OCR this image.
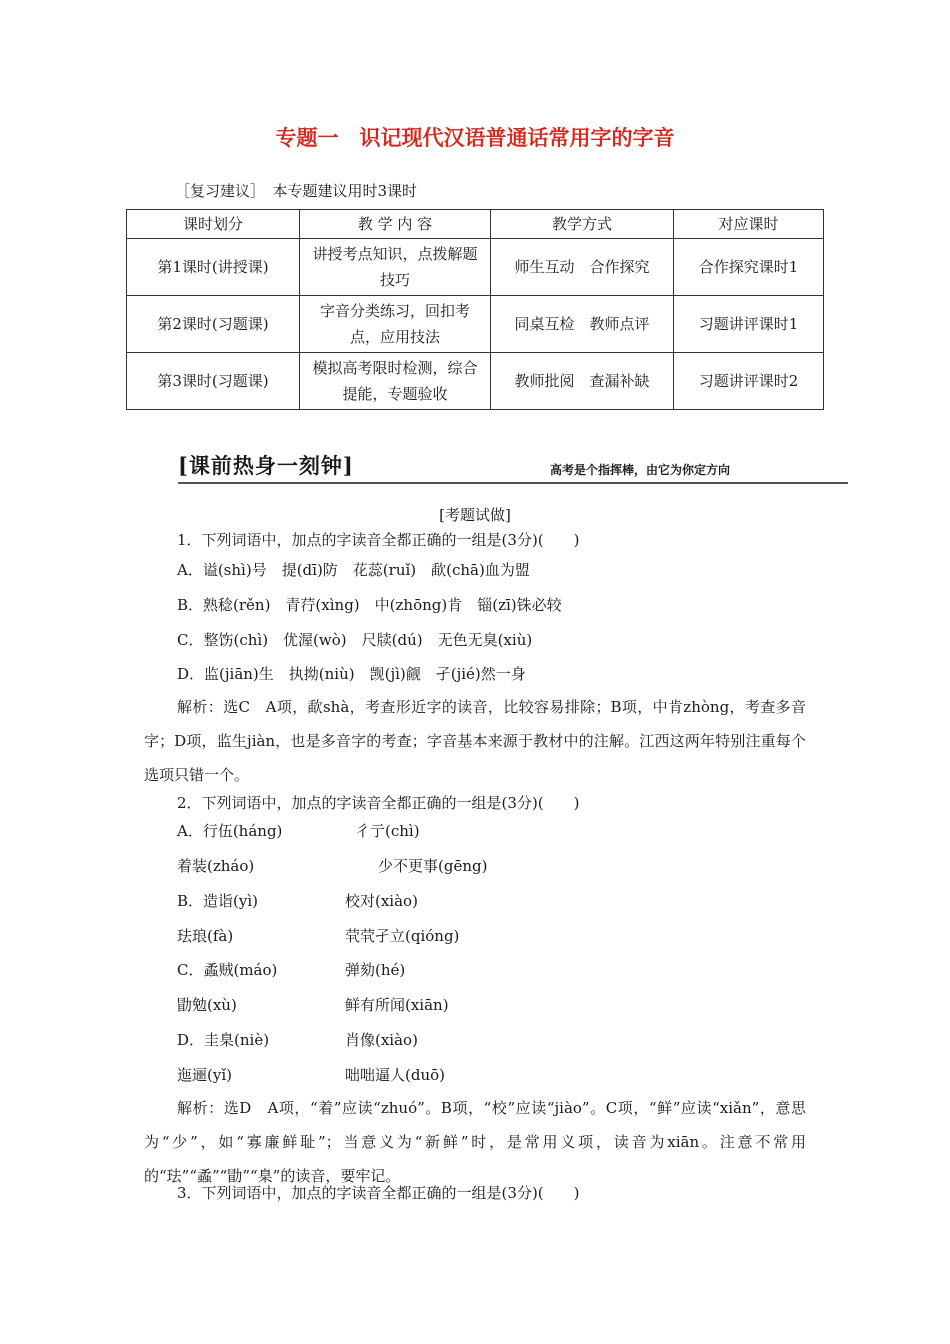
专题一　识记现代汉语普通话常用字的字音
［复习建议］　本专题建议用时3课时
课时划分	教 学 内 容	教学方式	对应课时
第1课时(讲授课)	讲授考点知识，点拨解题技巧	师生互动　合作探究	合作探究课时1
第2课时(习题课)	字音分类练习，回扣考点，应用技法	同桌互检　教师点评	习题讲评课时1
第3课时(习题课)	模拟高考限时检测，综合提能，专题验收	教师批阅　查漏补缺	习题讲评课时2
[课前热身一刻钟]	高考是个指挥棒，由它为你定方向
[考题试做]
1．下列词语中，加点的字读音全都正确的一组是(3分)(　　)
A．谥(shì)号　提(dī)防　花蕊(ruǐ)　歃(chā)血为盟
B．熟稔(rěn)　青荇(xìng)　中(zhōng)肯　锱(zī)铢必较
C．整饬(chì)　优渥(wò)　尺牍(dú)　无色无臭(xiù)
D．监(jiān)生　执拗(niù)　觊(jì)觎　孑(jié)然一身
解析：选C　A项，歃shà，考查形近字的读音，比较容易排除；B项，中肯zhòng，考查多音字；D项，监生jiàn，也是多音字的考查；字音基本来源于教材中的注解。江西这两年特别注重每个选项只错一个。
2．下列词语中，加点的字读音全都正确的一组是(3分)(　　)
A．行伍(háng)	彳亍(chì)
着装(zháo)	少不更事(gēng)
B．造诣(yì)	校对(xiào)
珐琅(fà)	茕茕孑立(qióng)
C．蟊贼(máo)	弹劾(hé)
勖勉(xù)	鲜有所闻(xiān)
D．圭臬(niè)	肖像(xiào)
迤逦(yǐ)	咄咄逼人(duō)
解析：选D　A项，“着”应读“zhuó”。B项，“校”应读“jiào”。C项，“鲜”应读“xiǎn”，意思为“少”，如“寡廉鲜耻”；当意义为“新鲜”时，是常用义项，读音为xiān。注意不常用的“珐”“蟊”“勖”“臬”的读音，要牢记。
3．下列词语中，加点的字读音全都正确的一组是(3分)(　　)
